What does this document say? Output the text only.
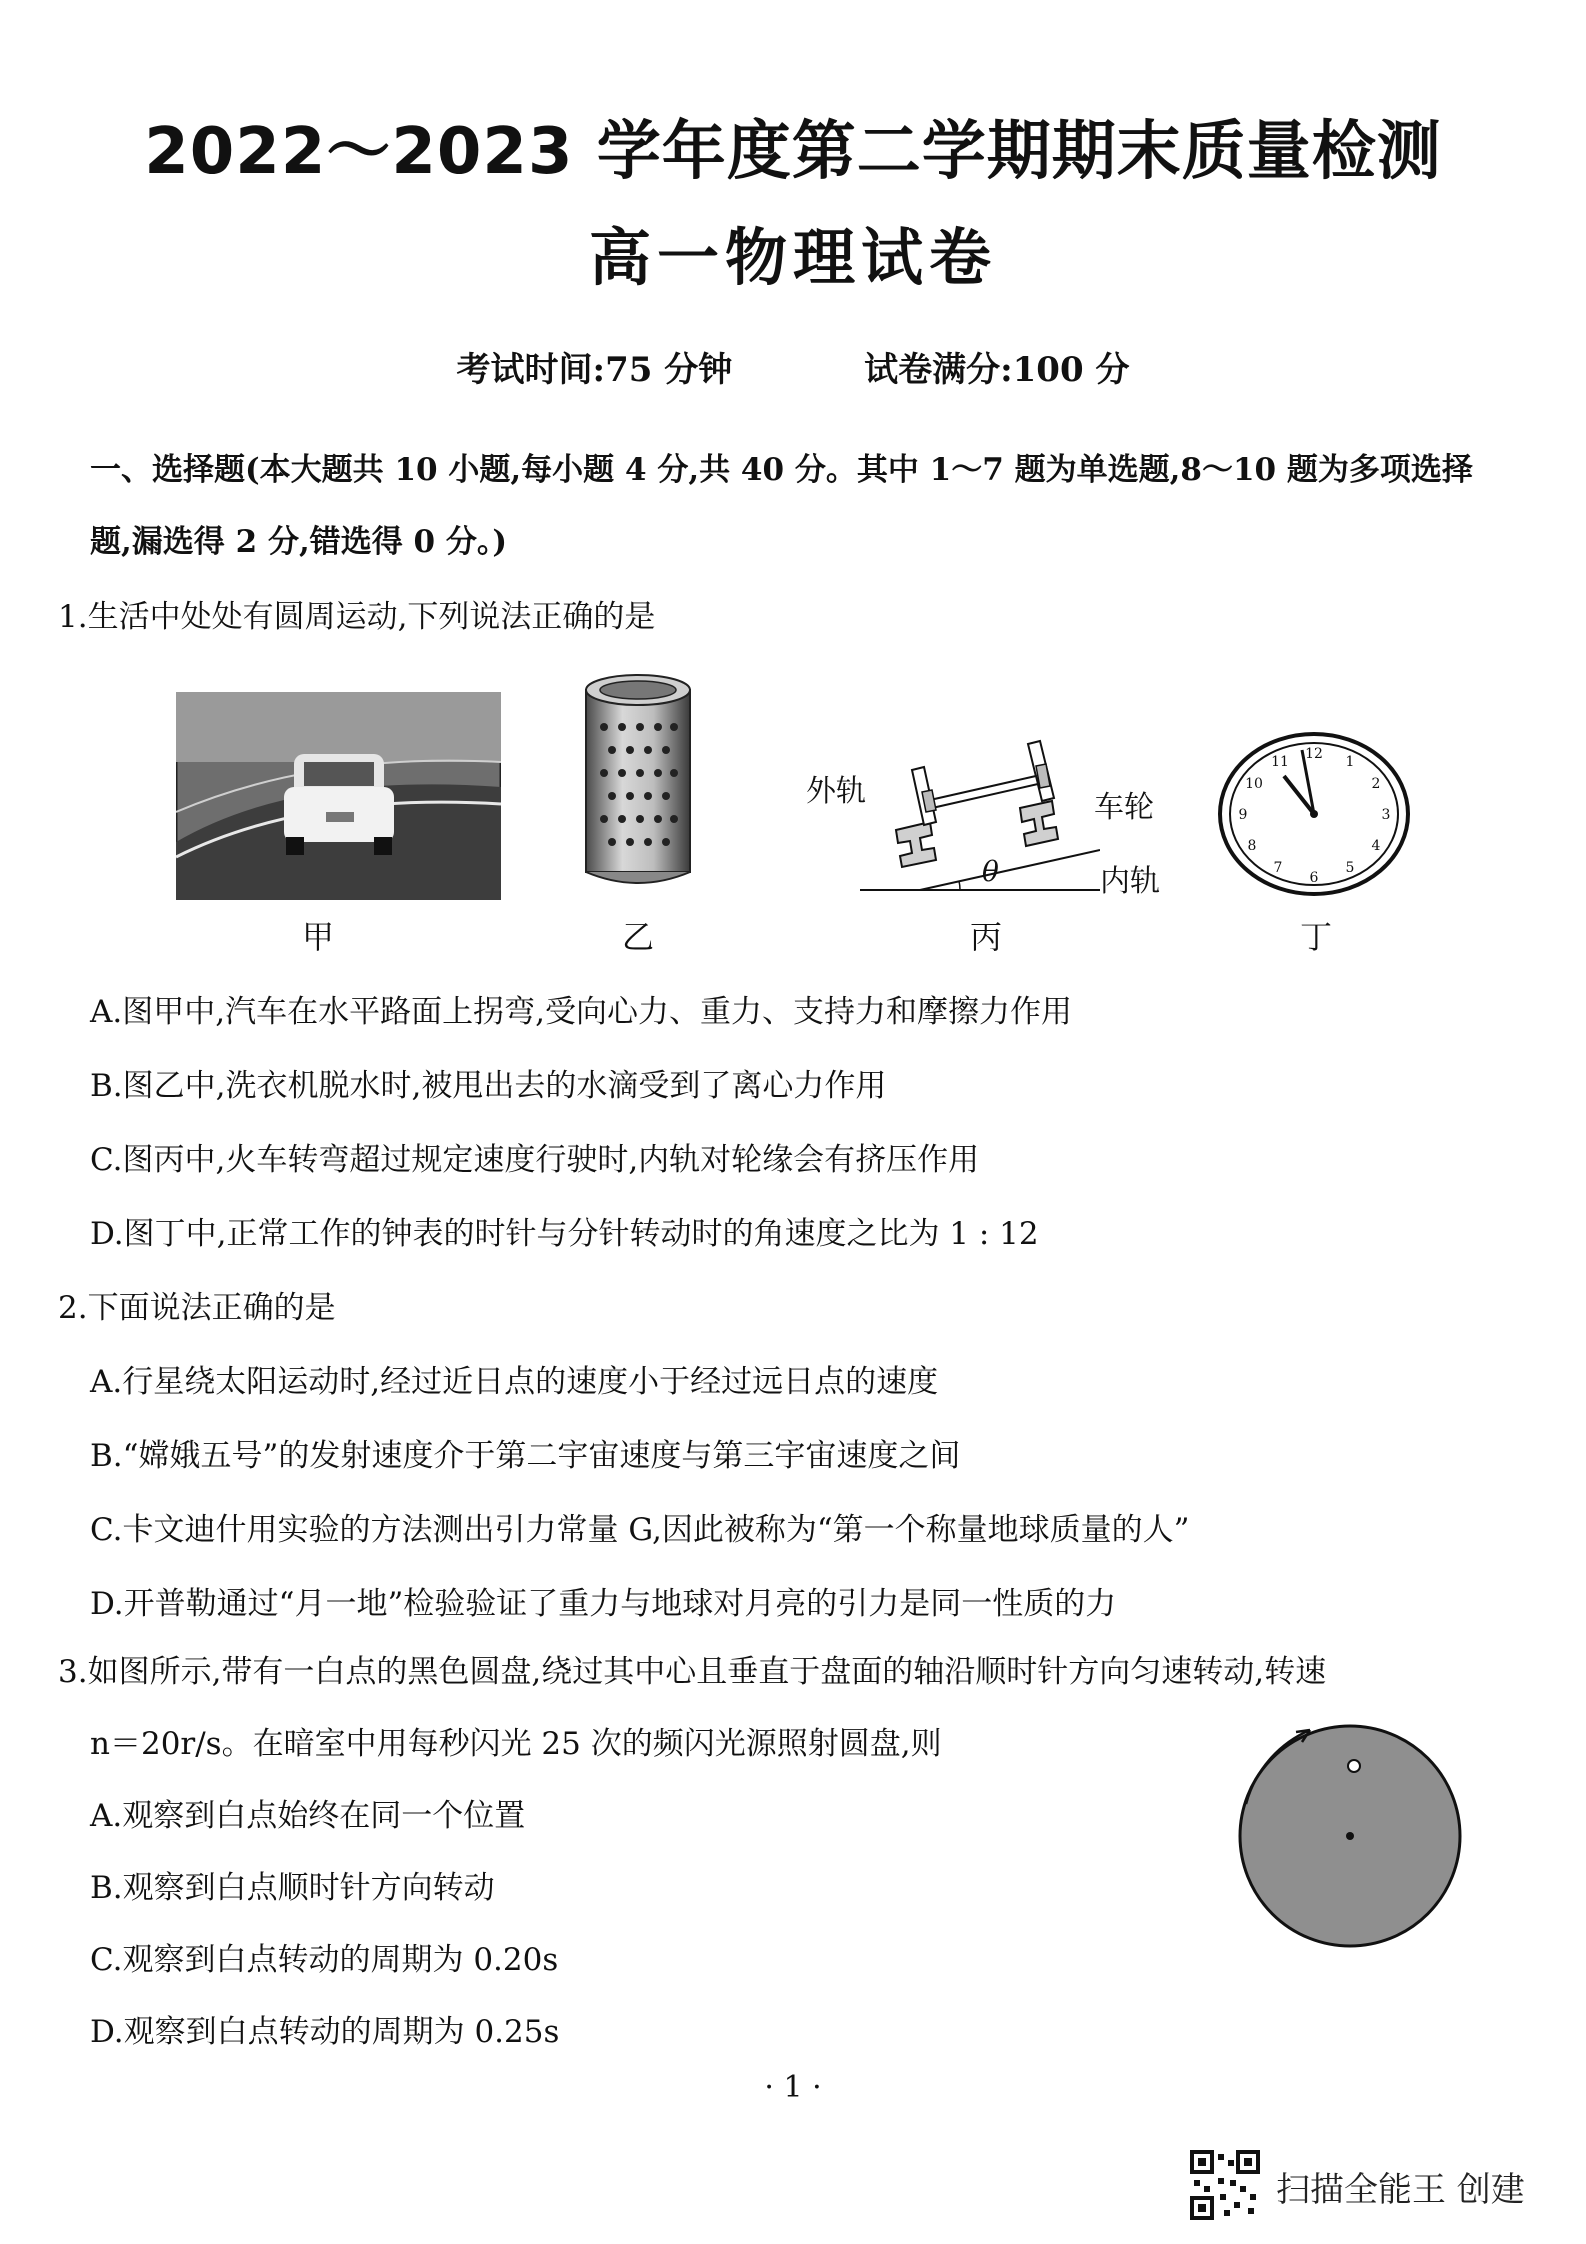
2022～2023 学年度第二学期期末质量检测
高一物理试卷
考试时间:75 分钟	试卷满分:100 分
一、选择题(本大题共 10 小题,每小题 4 分,共 40 分。其中 1～7 题为单选题,8～10 题为多项选择
题,漏选得 2 分,错选得 0 分。)
1.生活中处处有圆周运动,下列说法正确的是
甲	乙
外轨	车轮
内轨
θ
丙
12 1
2
3
4
5
6
7
8
9
10
11
丁
A.图甲中,汽车在水平路面上拐弯,受向心力、重力、支持力和摩擦力作用
B.图乙中,洗衣机脱水时,被甩出去的水滴受到了离心力作用
C.图丙中,火车转弯超过规定速度行驶时,内轨对轮缘会有挤压作用
D.图丁中,正常工作的钟表的时针与分针转动时的角速度之比为 1 : 12
2.下面说法正确的是
A.行星绕太阳运动时,经过近日点的速度小于经过远日点的速度
B.“嫦娥五号”的发射速度介于第二宇宙速度与第三宇宙速度之间
C.卡文迪什用实验的方法测出引力常量 G,因此被称为“第一个称量地球质量的人”
D.开普勒通过“月一地”检验验证了重力与地球对月亮的引力是同一性质的力
3.如图所示,带有一白点的黑色圆盘,绕过其中心且垂直于盘面的轴沿顺时针方向匀速转动,转速
n＝20r/s。在暗室中用每秒闪光 25 次的频闪光源照射圆盘,则
A.观察到白点始终在同一个位置
B.观察到白点顺时针方向转动
C.观察到白点转动的周期为 0.20s
D.观察到白点转动的周期为 0.25s
· 1 ·
扫描全能王 创建
